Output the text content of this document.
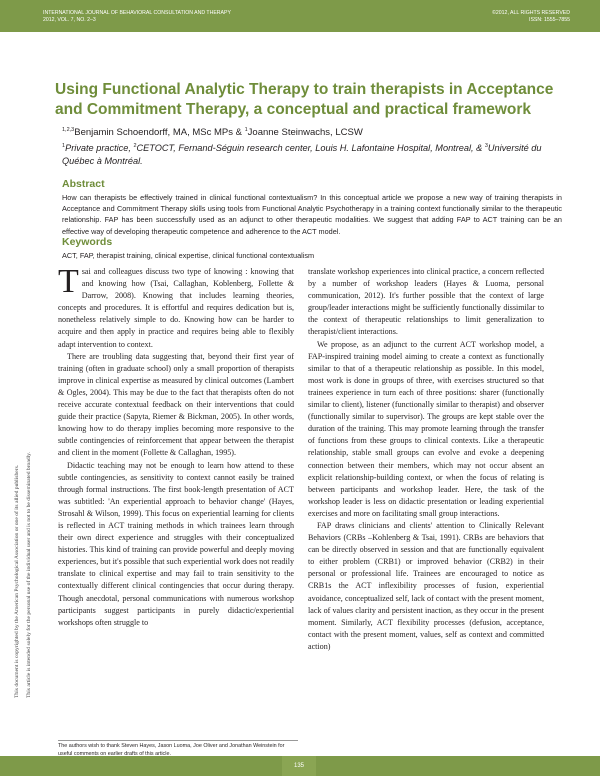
INTERNATIONAL JOURNAL OF BEHAVIORAL CONSULTATION AND THERAPY
2012, VOL. 7, NO. 2–3
©2012, ALL RIGHTS RESERVED
ISSN: 1555–7855
Using Functional Analytic Therapy to train therapists in Acceptance and Commitment Therapy, a conceptual and practical framework

$^{1,2,3}$Benjamin Schoendorff, MA, MSc MPs & $^1$Joanne Steinwachs, LCSW

$^1$Private practice, $^2$CETOCT, Fernand-Séguin research center, Louis H. Lafontaine Hospital, Montreal, & $^3$Université du Québec à Montréal.

Abstract

How can therapists be effectively trained in clinical functional contextualism? In this conceptual article we propose a new way of training therapists in Acceptance and Commitment Therapy skills using tools from Functional Analytic Psychotherapy in a training context functionally similar to the therapeutic relationship. FAP has been successfully used as an adjunct to other therapeutic modalities. We suggest that adding FAP to ACT training can be an effective way of developing therapeutic competence and adherence to the ACT model.

Keywords

ACT, FAP, therapist training, clinical expertise, clinical functional contextualism

This document is copyrighted by the American Psychological Association or one of its allied publishers. This article is intended solely for the personal use of the individual user and is not to be disseminated broadly.

Tsai and colleagues discuss two type of knowing : knowing that and knowing how (Tsai, Callaghan, Koblenberg, Follette & Darrow, 2008). Knowing that includes learning theories, concepts and procedures. It is effortful and requires dedication but is, nonetheless relatively simple to do. Knowing how can be harder to acquire and then apply in practice and requires being able to flexibly adapt intervention to context.

There are troubling data suggesting that, beyond their first year of training (often in graduate school) only a small proportion of therapists improve in clinical expertise as measured by clinical outcomes (Lambert & Ogles, 2004). This may be due to the fact that therapists often do not receive accurate contextual feedback on their interventions that could guide their practice (Sapyta, Riemer & Bickman, 2005). In other words, knowing how to do therapy implies becoming more responsive to the subtle contingencies of reinforcement that appear between the therapist and client in the moment (Follette & Callaghan, 1995).

Didactic teaching may not be enough to learn how attend to these subtle contingencies, as sensitivity to context cannot easily be trained through formal instructions. The first book-length presentation of ACT was subtitled: 'An experiential approach to behavior change' (Hayes, Strosahl & Wilson, 1999). This focus on experiential learning for clients is reflected in ACT training methods in which trainees learn through their own direct experience and struggles with their conceptualized histories. This kind of training can provide powerful and deeply moving experiences, but it's possible that such experiential work does not readily translate to clinical expertise and may fail to train sensitivity to the contextually different clinical contingencies that occur during therapy. Though anecdotal, personal communications with numerous workshop participants suggest participants in purely didactic/experiential workshops often struggle to

translate workshop experiences into clinical practice, a concern reflected by a number of workshop leaders (Hayes & Luoma, personal communication, 2012). It's further possible that the context of large group/leader interactions might be sufficiently functionally dissimilar to the context of therapeutic relationships to limit generalization to therapist/client interactions.

We propose, as an adjunct to the current ACT workshop model, a FAP-inspired training model aiming to create a context as functionally similar to that of a therapeutic relationship as possible. In this model, most work is done in groups of three, with exercises structured so that trainees experience in turn each of three positions: sharer (functionally similar to client), listener (functionally similar to therapist) and observer (functionally similar to supervisor). The groups are kept stable over the duration of the training. This may promote learning through the transfer of functions from these groups to clinical contexts. Like a therapeutic relationship, stable small groups can evolve and evoke a deepening connection between their members, which may not occur absent an explicit relationship-building context, or when the focus of relating is between participants and workshop leader. Here, the task of the workshop leader is less on didactic presentation or leading experiential exercises and more on facilitating small group interactions.

FAP draws clinicians and clients' attention to Clinically Relevant Behaviors (CRBs –Kohlenberg & Tsai, 1991). CRBs are behaviors that can be directly observed in session and that are functionally equivalent to either problem (CRB1) or improved behavior (CRB2) in their personal or professional life. Trainees are encouraged to notice as CRB1s the ACT inflexibility processes of fusion, experiential avoidance, conceptualized self, lack of contact with the present moment, lack of values clarity and persistent inaction, as they occur in the present moment. Similarly, ACT flexibility processes (defusion, acceptance, contact with the present moment, values, self as context and committed action)

The authors wish to thank Steven Hayes, Jason Luoma, Joe Oliver and Jonathan Weinstein for useful comments on earlier drafts of this article.
135
